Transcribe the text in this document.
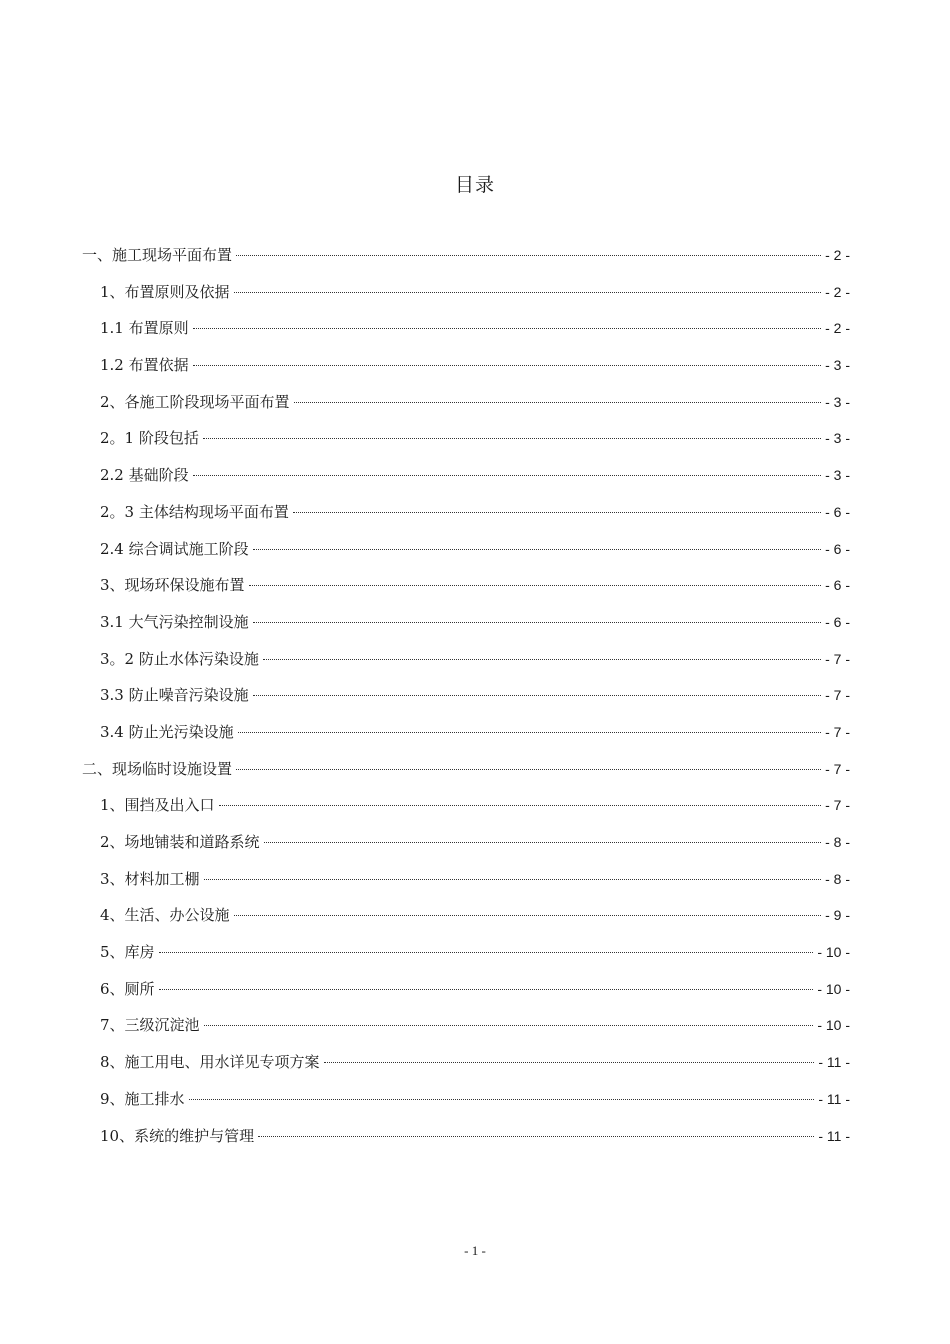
目录
一、施工现场平面布置	- 2 -
1、布置原则及依据	- 2 -
1.1 布置原则	- 2 -
1.2 布置依据	- 3 -
2、各施工阶段现场平面布置	- 3 -
2。1 阶段包括	- 3 -
2.2 基础阶段	- 3 -
2。3 主体结构现场平面布置	- 6 -
2.4 综合调试施工阶段	- 6 -
3、现场环保设施布置	- 6 -
3.1 大气污染控制设施	- 6 -
3。2 防止水体污染设施	- 7 -
3.3 防止噪音污染设施	- 7 -
3.4 防止光污染设施	- 7 -
二、现场临时设施设置	- 7 -
1、围挡及出入口	- 7 -
2、场地铺装和道路系统	- 8 -
3、材料加工棚	- 8 -
4、生活、办公设施	- 9 -
5、库房	- 10 -
6、厕所	- 10 -
7、三级沉淀池	- 10 -
8、施工用电、用水详见专项方案	- 11 -
9、施工排水	- 11 -
10、系统的维护与管理	- 11 -
- 1 -
